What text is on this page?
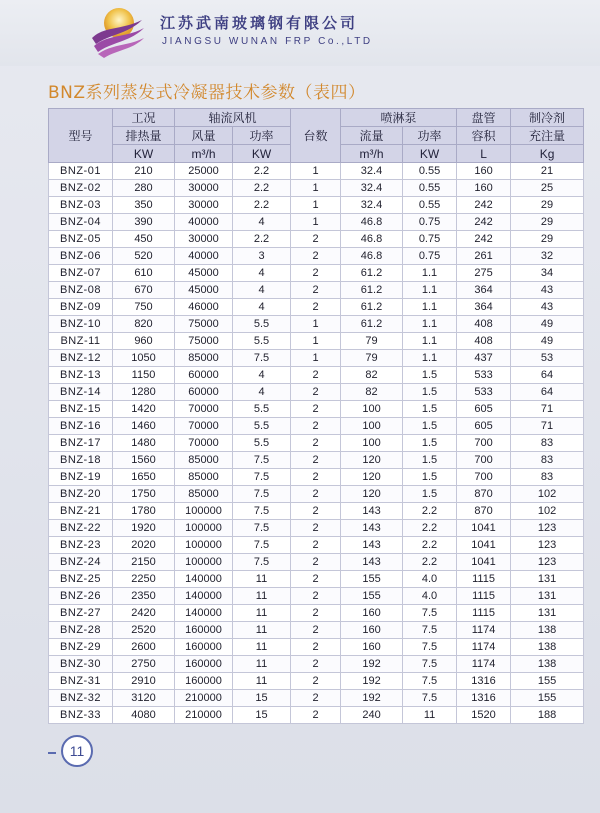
江苏武南玻璃钢有限公司
JIANGSU WUNAN FRP Co.,LTD
BNZ系列蒸发式冷凝器技术参数（表四）
型号	工况	轴流风机		台数	喷淋泵		盘管	制冷剂
	排热量	风量	功率		流量	功率	容积	充注量
	KW	m³/h	KW		m³/h	KW	L	Kg
BNZ-01	210	25000	2.2	1	32.4	0.55	160	21
BNZ-02	280	30000	2.2	1	32.4	0.55	160	25
BNZ-03	350	30000	2.2	1	32.4	0.55	242	29
BNZ-04	390	40000	4	1	46.8	0.75	242	29
BNZ-05	450	30000	2.2	2	46.8	0.75	242	29
BNZ-06	520	40000	3	2	46.8	0.75	261	32
BNZ-07	610	45000	4	2	61.2	1.1	275	34
BNZ-08	670	45000	4	2	61.2	1.1	364	43
BNZ-09	750	46000	4	2	61.2	1.1	364	43
BNZ-10	820	75000	5.5	1	61.2	1.1	408	49
BNZ-11	960	75000	5.5	1	79	1.1	408	49
BNZ-12	1050	85000	7.5	1	79	1.1	437	53
BNZ-13	1150	60000	4	2	82	1.5	533	64
BNZ-14	1280	60000	4	2	82	1.5	533	64
BNZ-15	1420	70000	5.5	2	100	1.5	605	71
BNZ-16	1460	70000	5.5	2	100	1.5	605	71
BNZ-17	1480	70000	5.5	2	100	1.5	700	83
BNZ-18	1560	85000	7.5	2	120	1.5	700	83
BNZ-19	1650	85000	7.5	2	120	1.5	700	83
BNZ-20	1750	85000	7.5	2	120	1.5	870	102
BNZ-21	1780	100000	7.5	2	143	2.2	870	102
BNZ-22	1920	100000	7.5	2	143	2.2	1041	123
BNZ-23	2020	100000	7.5	2	143	2.2	1041	123
BNZ-24	2150	100000	7.5	2	143	2.2	1041	123
BNZ-25	2250	140000	11	2	155	4.0	1115	131
BNZ-26	2350	140000	11	2	155	4.0	1115	131
BNZ-27	2420	140000	11	2	160	7.5	1115	131
BNZ-28	2520	160000	11	2	160	7.5	1174	138
BNZ-29	2600	160000	11	2	160	7.5	1174	138
BNZ-30	2750	160000	11	2	192	7.5	1174	138
BNZ-31	2910	160000	11	2	192	7.5	1316	155
BNZ-32	3120	210000	15	2	192	7.5	1316	155
BNZ-33	4080	210000	15	2	240	11	1520	188
11
